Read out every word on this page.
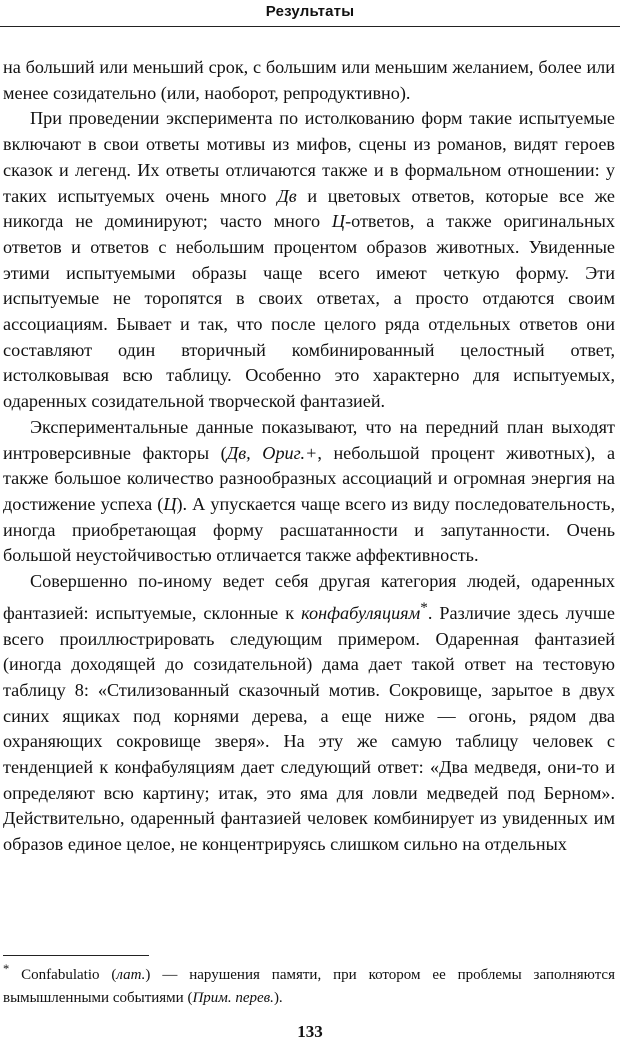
Результаты

на больший или меньший срок, с большим или меньшим желанием, более или менее созидательно (или, наоборот, репродуктивно).

При проведении эксперимента по истолкованию форм такие испытуемые включают в свои ответы мотивы из мифов, сцены из романов, видят героев сказок и легенд. Их ответы отличаются также и в формальном отношении: у таких испытуемых очень много Дв и цветовых ответов, которые все же никогда не доминируют; часто много Ц-ответов, а также оригинальных ответов и ответов с небольшим процентом образов животных. Увиденные этими испытуемыми образы чаще всего имеют четкую форму. Эти испытуемые не торопятся в своих ответах, а просто отдаются своим ассоциациям. Бывает и так, что после целого ряда отдельных ответов они составляют один вторичный комбинированный целостный ответ, истолковывая всю таблицу. Особенно это характерно для испытуемых, одаренных созидательной творческой фантазией.

Экспериментальные данные показывают, что на передний план выходят интроверсивные факторы (Дв, Ориг.+, небольшой процент животных), а также большое количество разнообразных ассоциаций и огромная энергия на достижение успеха (Ц). А упускается чаще всего из виду последовательность, иногда приобретающая форму расшатанности и запутанности. Очень большой неустойчивостью отличается также аффективность.

Совершенно по-иному ведет себя другая категория людей, одаренных фантазией: испытуемые, склонные к конфабуляциям*. Различие здесь лучше всего проиллюстрировать следующим примером. Одаренная фантазией (иногда доходящей до созидательной) дама дает такой ответ на тестовую таблицу 8: «Стилизованный сказочный мотив. Сокровище, зарытое в двух синих ящиках под корнями дерева, а еще ниже — огонь, рядом два охраняющих сокровище зверя». На эту же самую таблицу человек с тенденцией к конфабуляциям дает следующий ответ: «Два медведя, они-то и определяют всю картину; итак, это яма для ловли медведей под Берном». Действительно, одаренный фантазией человек комбинирует из увиденных им образов единое целое, не концентрируясь слишком сильно на отдельных

* Confabulatio (лат.) — нарушения памяти, при котором ее проблемы заполняются вымышленными событиями (Прим. перев.).

133
